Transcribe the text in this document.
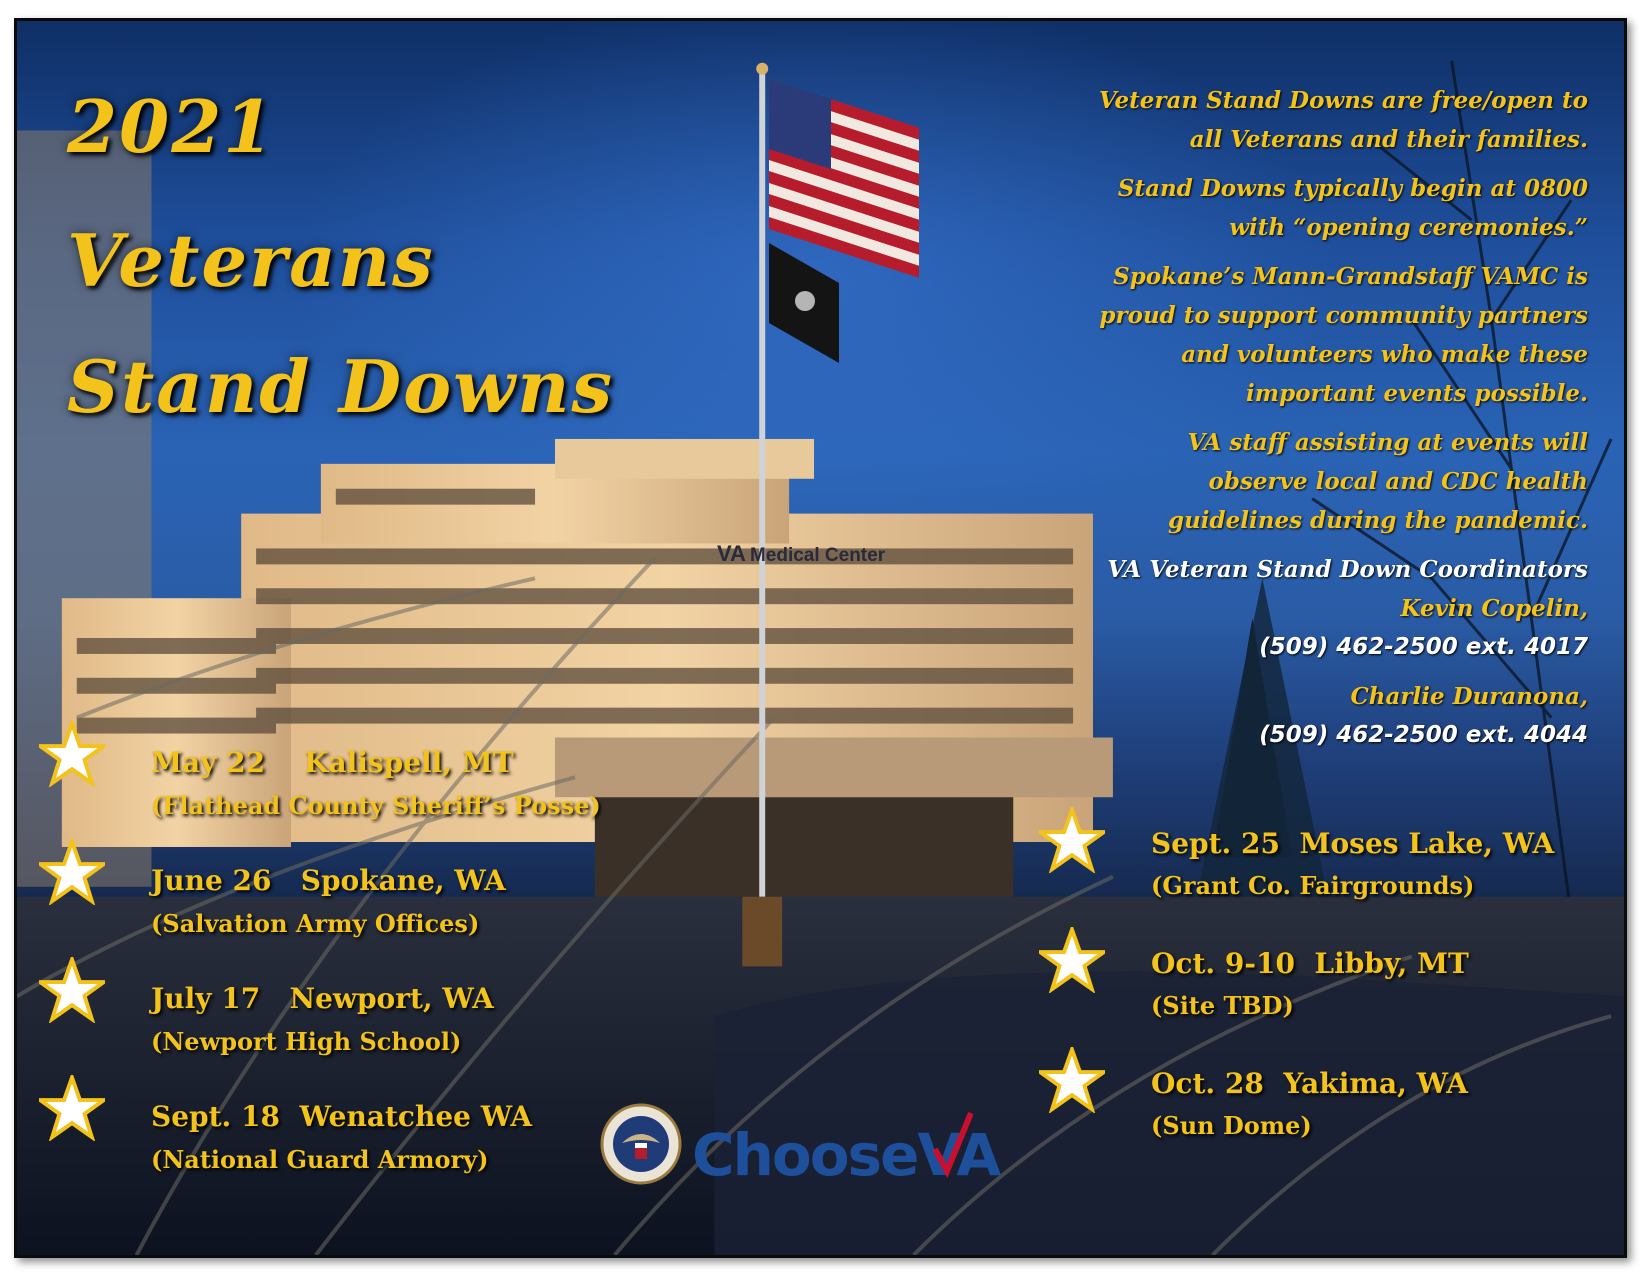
VA Medical Center
2021
Veterans
Stand Downs
Veteran Stand Downs are free/open to
all Veterans and their families.
Stand Downs typically begin at 0800
with “opening ceremonies.”
Spokane’s Mann-Grandstaff VAMC is
proud to support community partners
and volunteers who make these
important events possible.
VA staff assisting at events will
observe local and CDC health
guidelines during the pandemic.
VA Veteran Stand Down Coordinators
Kevin Copelin,
(509) 462-2500 ext. 4017
Charlie Duranona,
(509) 462-2500 ext. 4044
May 22    Kalispell, MT
(Flathead County Sheriff’s Posse)
June 26   Spokane, WA
(Salvation Army Offices)
July 17   Newport, WA
(Newport High School)
Sept. 18  Wenatchee WA
(National Guard Armory)
Sept. 25  Moses Lake, WA
(Grant Co. Fairgrounds)
Oct. 9-10  Libby, MT
(Site TBD)
Oct. 28  Yakima, WA
(Sun Dome)
ChooseVA
